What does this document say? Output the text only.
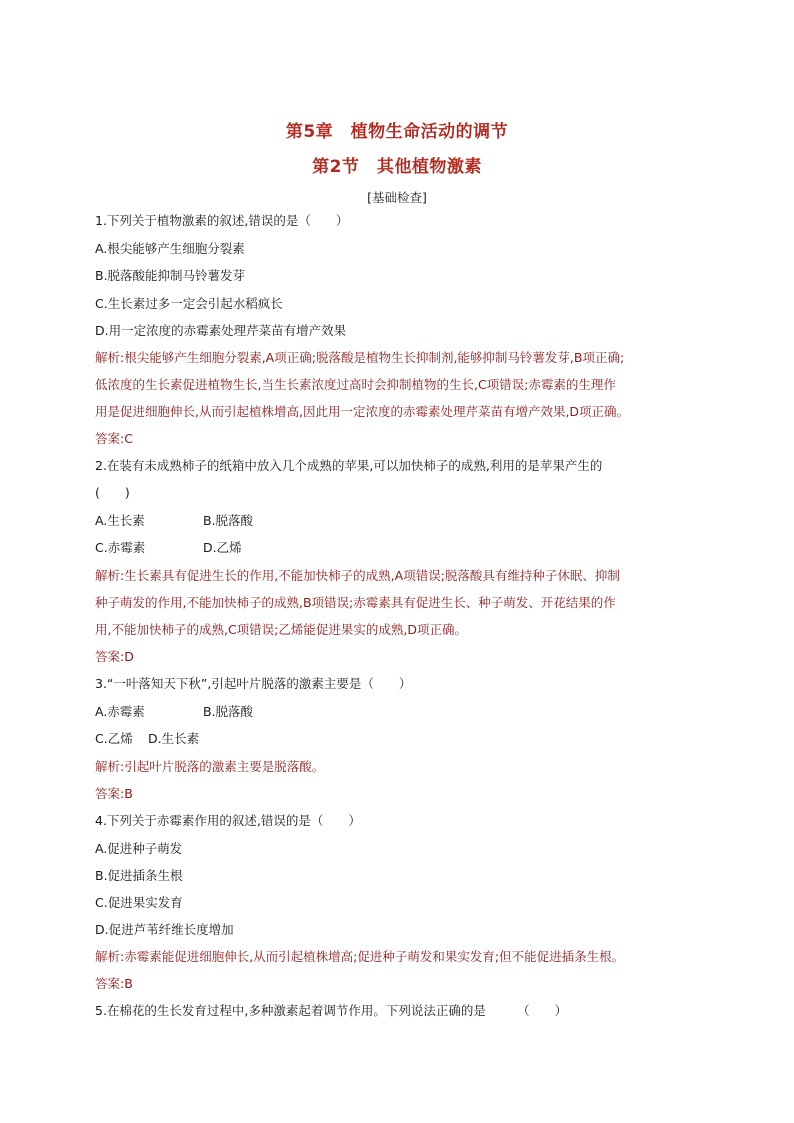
第5章　植物生命活动的调节
第2节　其他植物激素
[基础检查]
1.下列关于植物激素的叙述,错误的是（　　）
A.根尖能够产生细胞分裂素
B.脱落酸能抑制马铃薯发芽
C.生长素过多一定会引起水稻疯长
D.用一定浓度的赤霉素处理芹菜苗有增产效果
解析:根尖能够产生细胞分裂素,A项正确;脱落酸是植物生长抑制剂,能够抑制马铃薯发芽,B项正确;
低浓度的生长素促进植物生长,当生长素浓度过高时会抑制植物的生长,C项错误;赤霉素的生理作
用是促进细胞伸长,从而引起植株增高,因此用一定浓度的赤霉素处理芹菜苗有增产效果,D项正确。
答案:C
2.在装有未成熟柿子的纸箱中放入几个成熟的苹果,可以加快柿子的成熟,利用的是苹果产生的
(　　)
A.生长素	B.脱落酸
C.赤霉素	D.乙烯
解析:生长素具有促进生长的作用,不能加快柿子的成熟,A项错误;脱落酸具有维持种子休眠、抑制
种子萌发的作用,不能加快柿子的成熟,B项错误;赤霉素具有促进生长、种子萌发、开花结果的作
用,不能加快柿子的成熟,C项错误;乙烯能促进果实的成熟,D项正确。
答案:D
3.“一叶落知天下秋”,引起叶片脱落的激素主要是（　　）
A.赤霉素	B.脱落酸
C.乙烯 D.生长素
解析:引起叶片脱落的激素主要是脱落酸。
答案:B
4.下列关于赤霉素作用的叙述,错误的是（　　）
A.促进种子萌发
B.促进插条生根
C.促进果实发育
D.促进芦苇纤维长度增加
解析:赤霉素能促进细胞伸长,从而引起植株增高;促进种子萌发和果实发育;但不能促进插条生根。
答案:B
5.在棉花的生长发育过程中,多种激素起着调节作用。下列说法正确的是　　　（　　）
